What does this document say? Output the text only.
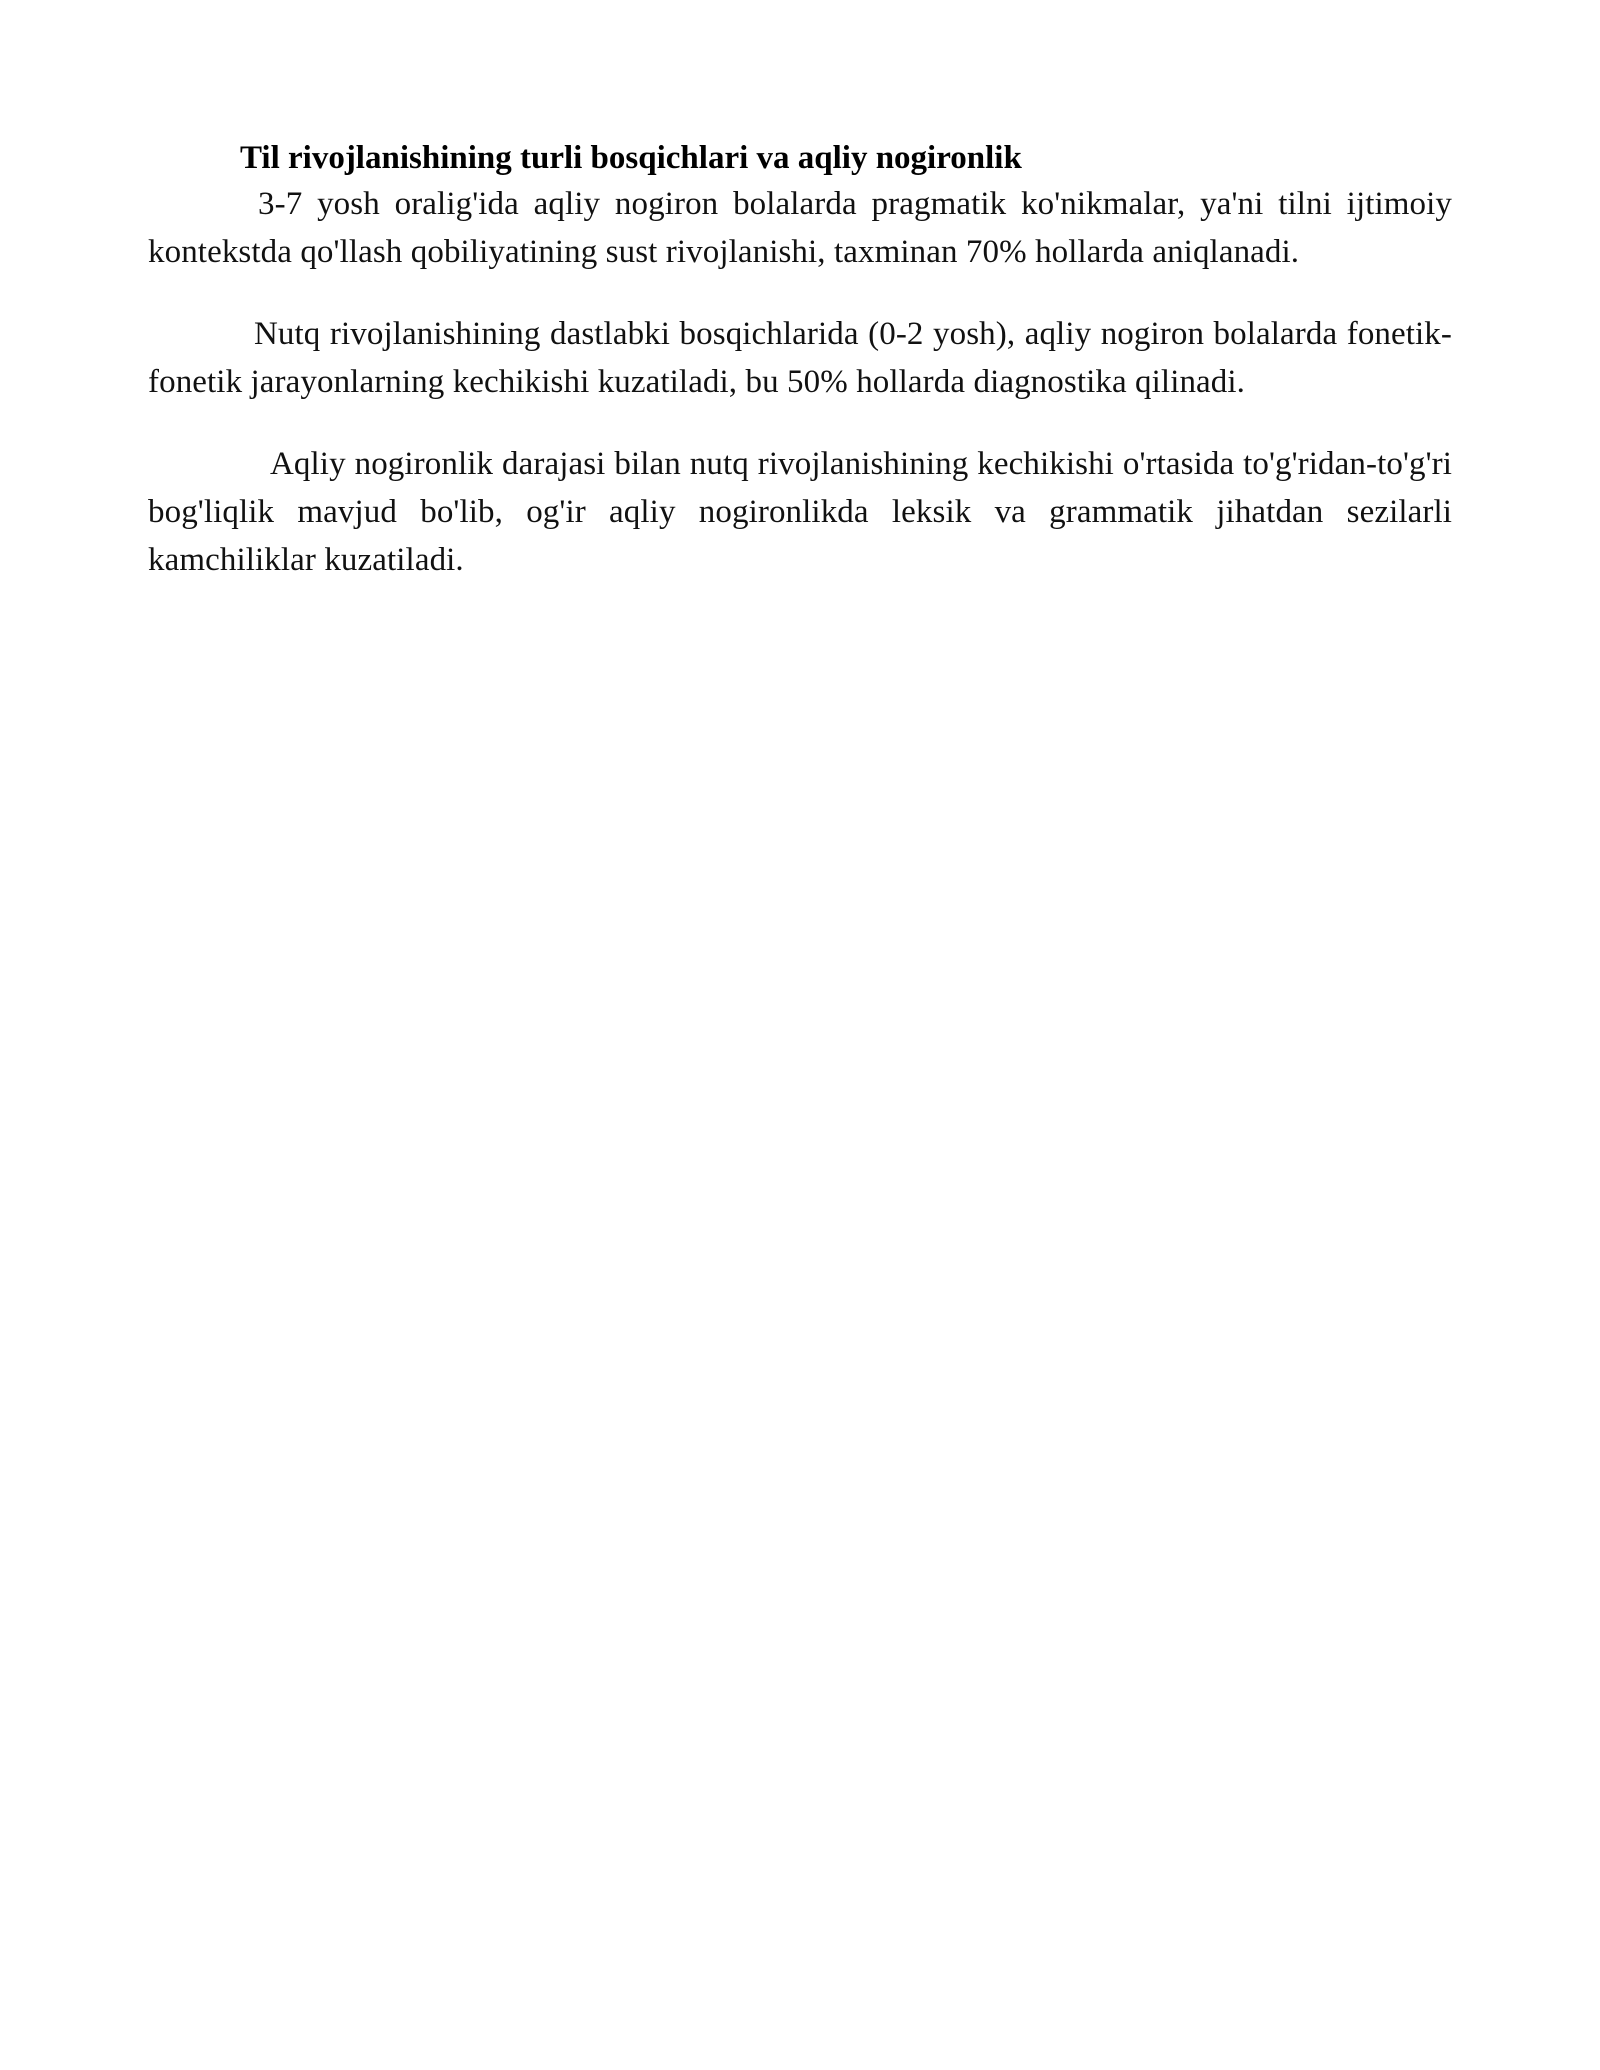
Til rivojlanishining turli bosqichlari va aqliy nogironlik

3-7 yosh oralig'ida aqliy nogiron bolalarda pragmatik ko'nikmalar, ya'ni tilni ijtimoiy kontekstda qo'llash qobiliyatining sust rivojlanishi, taxminan 70% hollarda aniqlanadi.

Nutq rivojlanishining dastlabki bosqichlarida (0-2 yosh), aqliy nogiron bolalarda fonetik-fonetik jarayonlarning kechikishi kuzatiladi, bu 50% hollarda diagnostika qilinadi.

Aqliy nogironlik darajasi bilan nutq rivojlanishining kechikishi o'rtasida to'g'ridan-to'g'ri bog'liqlik mavjud bo'lib, og'ir aqliy nogironlikda leksik va grammatik jihatdan sezilarli kamchiliklar kuzatiladi.
